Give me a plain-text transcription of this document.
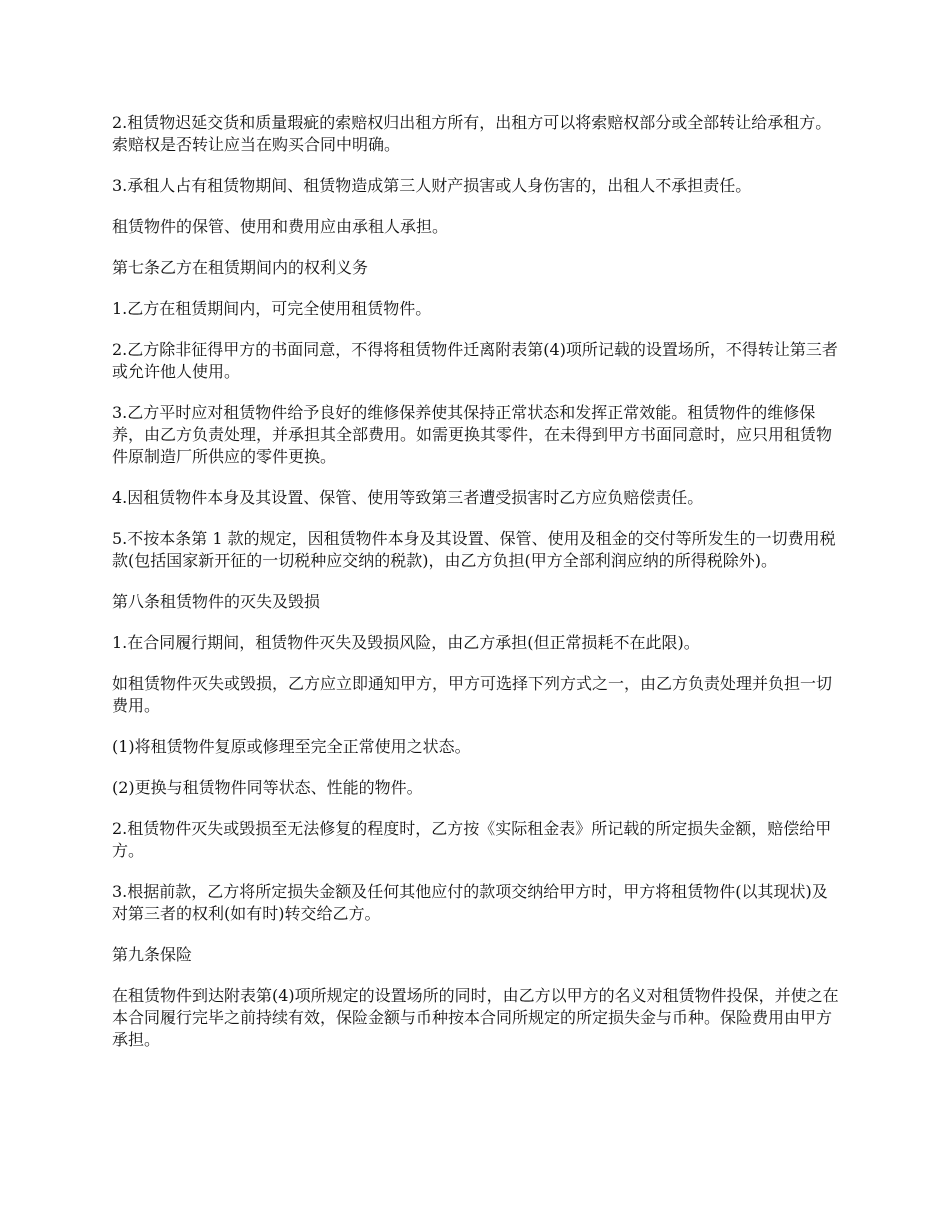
2.租赁物迟延交货和质量瑕疵的索赔权归出租方所有，出租方可以将索赔权部分或全部转让给承租方。索赔权是否转让应当在购买合同中明确。

3.承租人占有租赁物期间、租赁物造成第三人财产损害或人身伤害的，出租人不承担责任。

租赁物件的保管、使用和费用应由承租人承担。

第七条乙方在租赁期间内的权利义务

1.乙方在租赁期间内，可完全使用租赁物件。

2.乙方除非征得甲方的书面同意，不得将租赁物件迁离附表第(4)项所记载的设置场所，不得转让第三者或允许他人使用。

3.乙方平时应对租赁物件给予良好的维修保养使其保持正常状态和发挥正常效能。租赁物件的维修保养，由乙方负责处理，并承担其全部费用。如需更换其零件，在未得到甲方书面同意时，应只用租赁物件原制造厂所供应的零件更换。

4.因租赁物件本身及其设置、保管、使用等致第三者遭受损害时乙方应负赔偿责任。

5.不按本条第 1 款的规定，因租赁物件本身及其设置、保管、使用及租金的交付等所发生的一切费用税款(包括国家新开征的一切税种应交纳的税款)，由乙方负担(甲方全部利润应纳的所得税除外)。

第八条租赁物件的灭失及毁损

1.在合同履行期间，租赁物件灭失及毁损风险，由乙方承担(但正常损耗不在此限)。

如租赁物件灭失或毁损，乙方应立即通知甲方，甲方可选择下列方式之一，由乙方负责处理并负担一切费用。

(1)将租赁物件复原或修理至完全正常使用之状态。

(2)更换与租赁物件同等状态、性能的物件。

2.租赁物件灭失或毁损至无法修复的程度时，乙方按《实际租金表》所记载的所定损失金额，赔偿给甲方。

3.根据前款，乙方将所定损失金额及任何其他应付的款项交纳给甲方时，甲方将租赁物件(以其现状)及对第三者的权利(如有时)转交给乙方。

第九条保险

在租赁物件到达附表第(4)项所规定的设置场所的同时，由乙方以甲方的名义对租赁物件投保，并使之在本合同履行完毕之前持续有效，保险金额与币种按本合同所规定的所定损失金与币种。保险费用由甲方承担。
